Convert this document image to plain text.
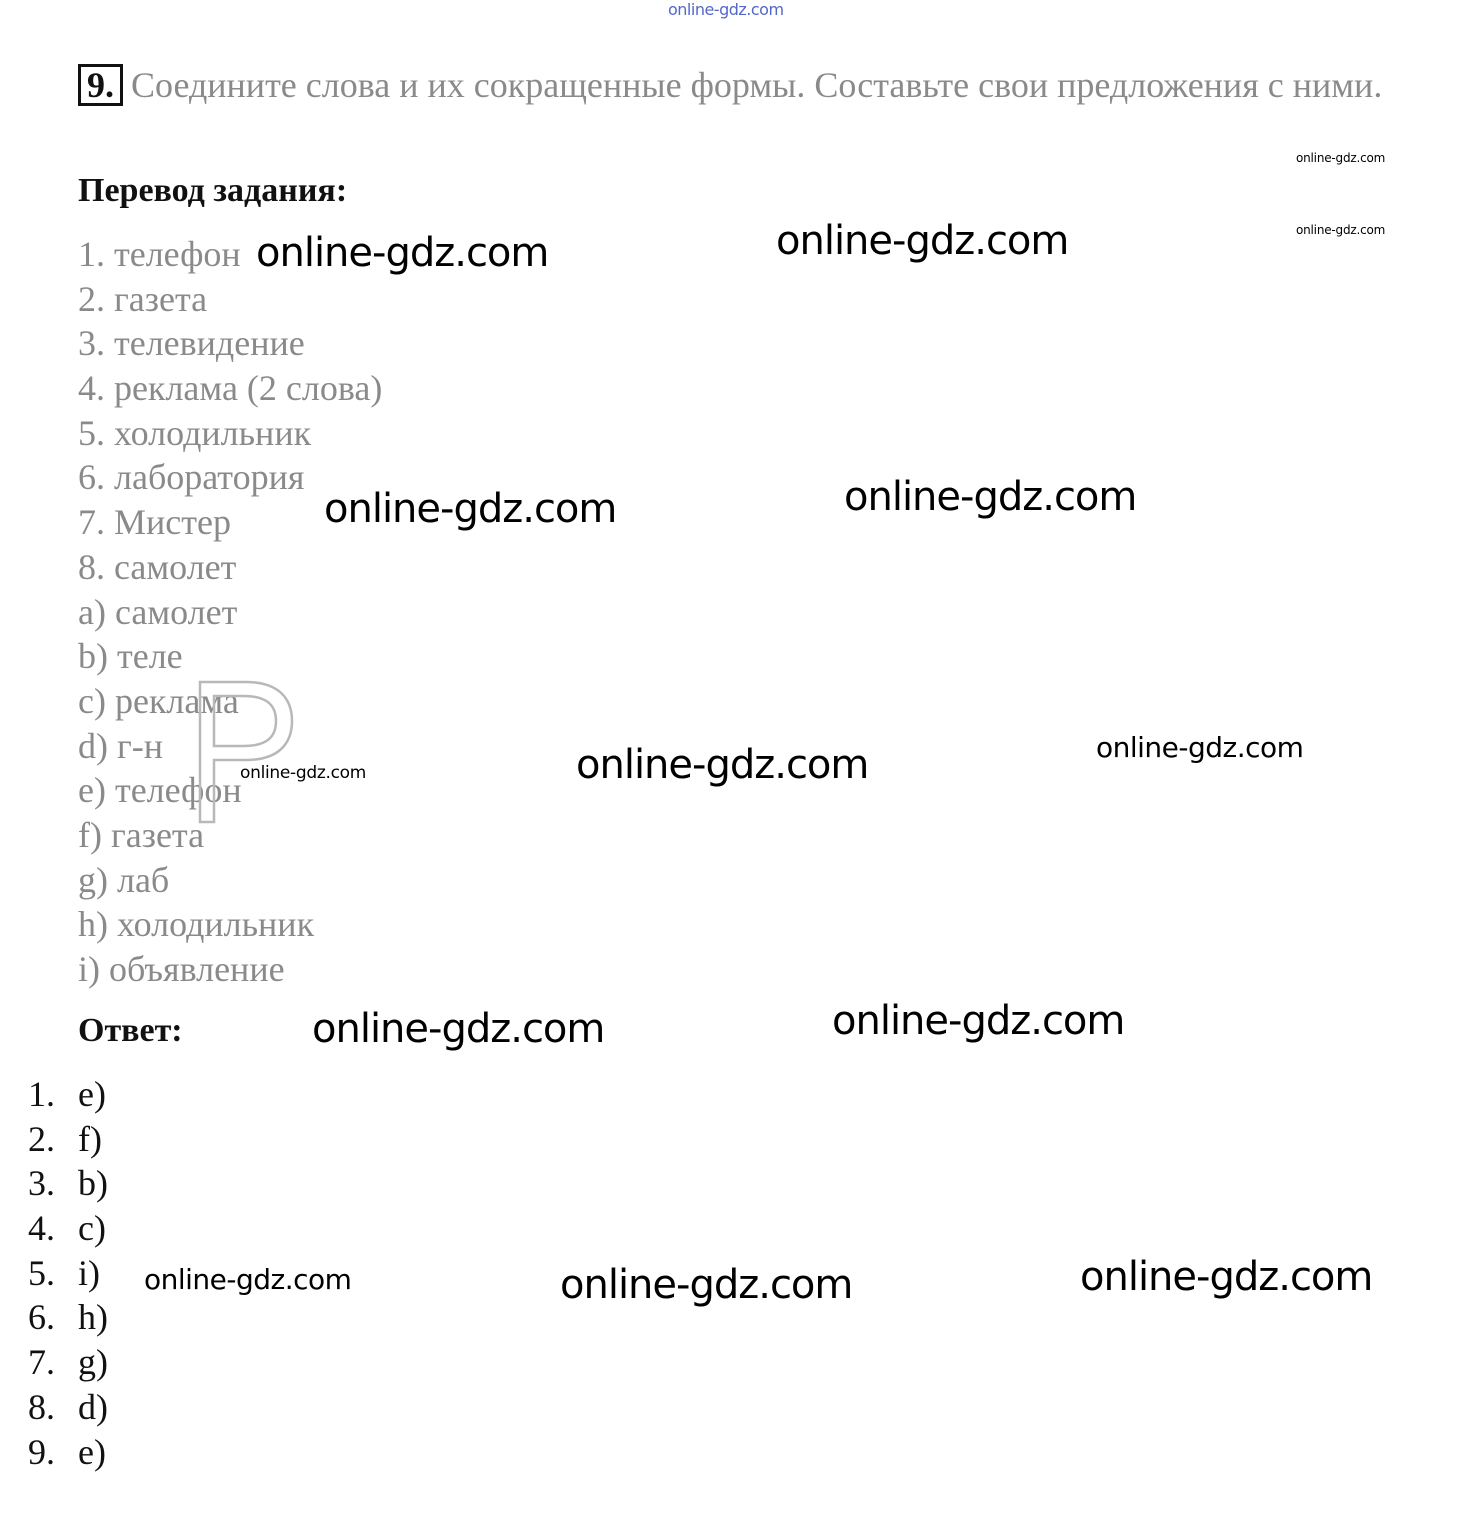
online-gdz.com
9. Соедините слова и их сокращенные формы. Составьте свои предложения с ними.
Перевод задания:
1. телефон
2. газета
3. телевидение
4. реклама (2 слова)
5. холодильник
6. лаборатория
7. Мистер
8. самолет
a) самолет
b) теле
c) реклама
d) г-н
e) телефон
f) газета
g) лаб
h) холодильник
i) объявление
Ответ:
1. e)
2. f)
3. b)
4. c)
5. i)
6. h)
7. g)
8. d)
9. e)
online-gdz.com
online-gdz.com
online-gdz.com	online-gdz.com
online-gdz.com	online-gdz.com
online-gdz.com	online-gdz.com	online-gdz.com
online-gdz.com	online-gdz.com
online-gdz.com	online-gdz.com	online-gdz.com
